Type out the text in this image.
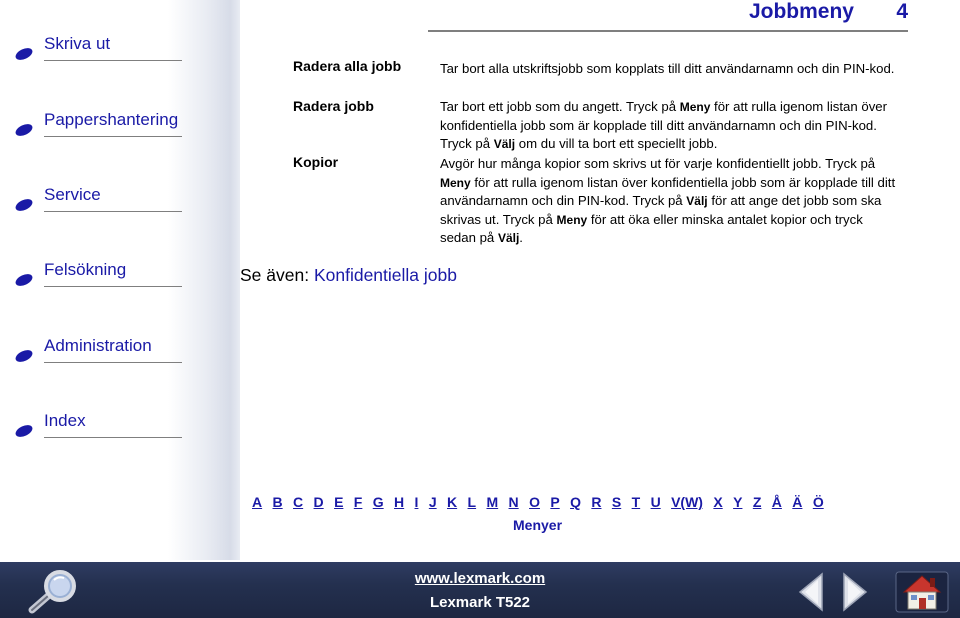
Jobbmeny 4
Skriva ut
Pappershantering
Service
Felsökning
Administration
Index
Radera alla jobb	Tar bort alla utskriftsjobb som kopplats till ditt användarnamn och din PIN-kod.
Radera jobb	Tar bort ett jobb som du angett. Tryck på Meny för att rulla igenom listan över konfidentiella jobb som är kopplade till ditt användarnamn och din PIN-kod. Tryck på Välj om du vill ta bort ett speciellt jobb.
Kopior	Avgör hur många kopior som skrivs ut för varje konfidentiellt jobb. Tryck på Meny för att rulla igenom listan över konfidentiella jobb som är kopplade till ditt användarnamn och din PIN-kod. Tryck på Välj för att ange det jobb som ska skrivas ut. Tryck på Meny för att öka eller minska antalet kopior och tryck sedan på Välj.
Se även: Konfidentiella jobb
A B C D E F G H I J K L M N O P Q R S T U V(W) X Y Z Å Ä Ö
Menyer
www.lexmark.com
Lexmark T522
